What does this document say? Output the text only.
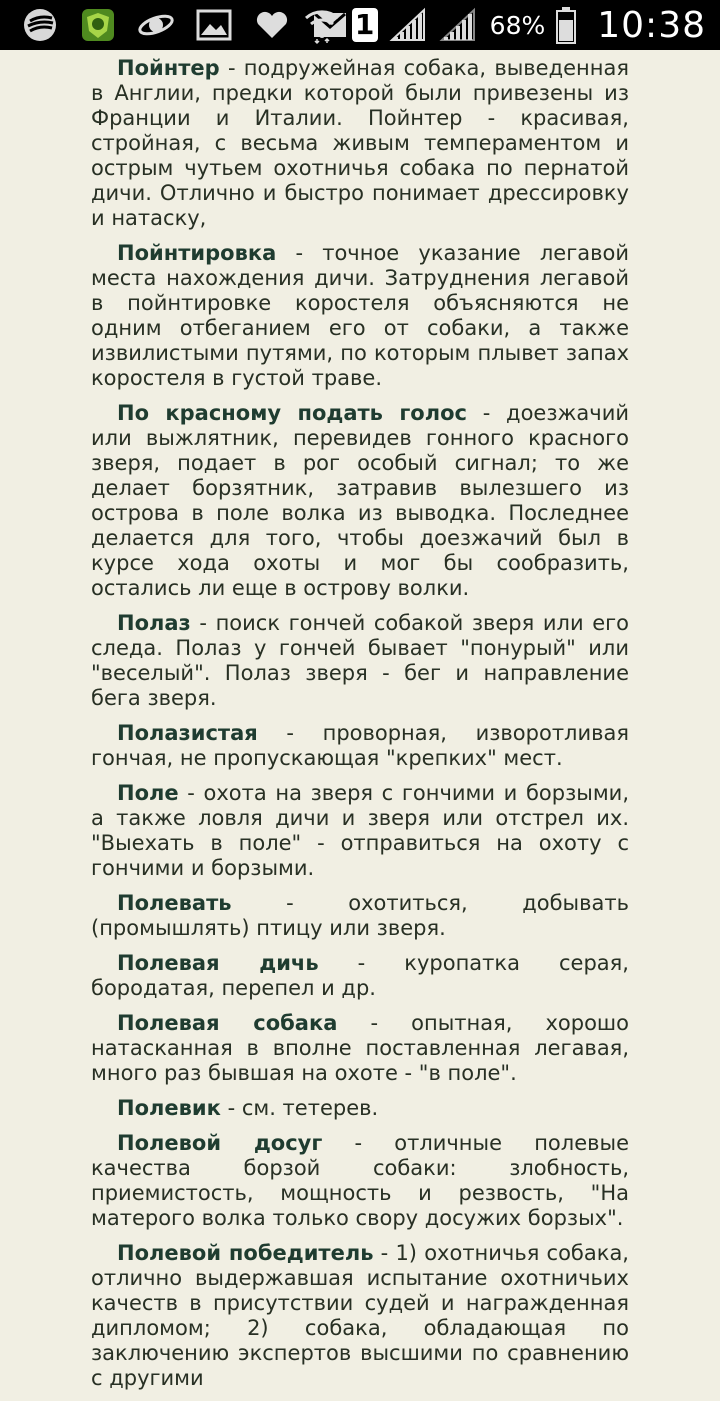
1	68% 10:38

Пойнтер - подружейная собака, выведенная в Англии, предки которой были привезены из Франции и Италии. Пойнтер - красивая, стройная, с весьма живым темпераментом и острым чутьем охотничья собака по пернатой дичи. Отлично и быстро понимает дрессировку и натаску,

Пойнтировка - точное указание легавой места нахождения дичи. Затруднения легавой в пойнтировке коростеля объясняются не одним отбеганием его от собаки, а также извилистыми путями, по которым плывет запах коростеля в густой траве.

По красному подать голос - доезжачий или выжлятник, перевидев гонного красного зверя, подает в рог особый сигнал; то же делает борзятник, затравив вылезшего из острова в поле волка из выводка. Последнее делается для того, чтобы доезжачий был в курсе хода охоты и мог бы сообразить, остались ли еще в острову волки.

Полаз - поиск гончей собакой зверя или его следа. Полаз у гончей бывает "понурый" или "веселый". Полаз зверя - бег и направление бега зверя.

Полазистая - проворная, изворотливая гончая, не пропускающая "крепких" мест.

Поле - охота на зверя с гончими и борзыми, а также ловля дичи и зверя или отстрел их. "Выехать в поле" - отправиться на охоту с гончими и борзыми.

Полевать - охотиться, добывать (промышлять) птицу или зверя.

Полевая дичь - куропатка серая, бородатая, перепел и др.

Полевая собака - опытная, хорошо натасканная в вполне поставленная легавая, много раз бывшая на охоте - "в поле".

Полевик - см. тетерев.

Полевой досуг - отличные полевые качества борзой собаки: злобность, приемистость, мощность и резвость, "На матерого волка только свору досужих борзых".

Полевой победитель - 1) охотничья собака, отлично выдержавшая испытание охотничьих качеств в присутствии судей и награжденная дипломом; 2) собака, обладающая по заключению экспертов высшими по сравнению с другими
